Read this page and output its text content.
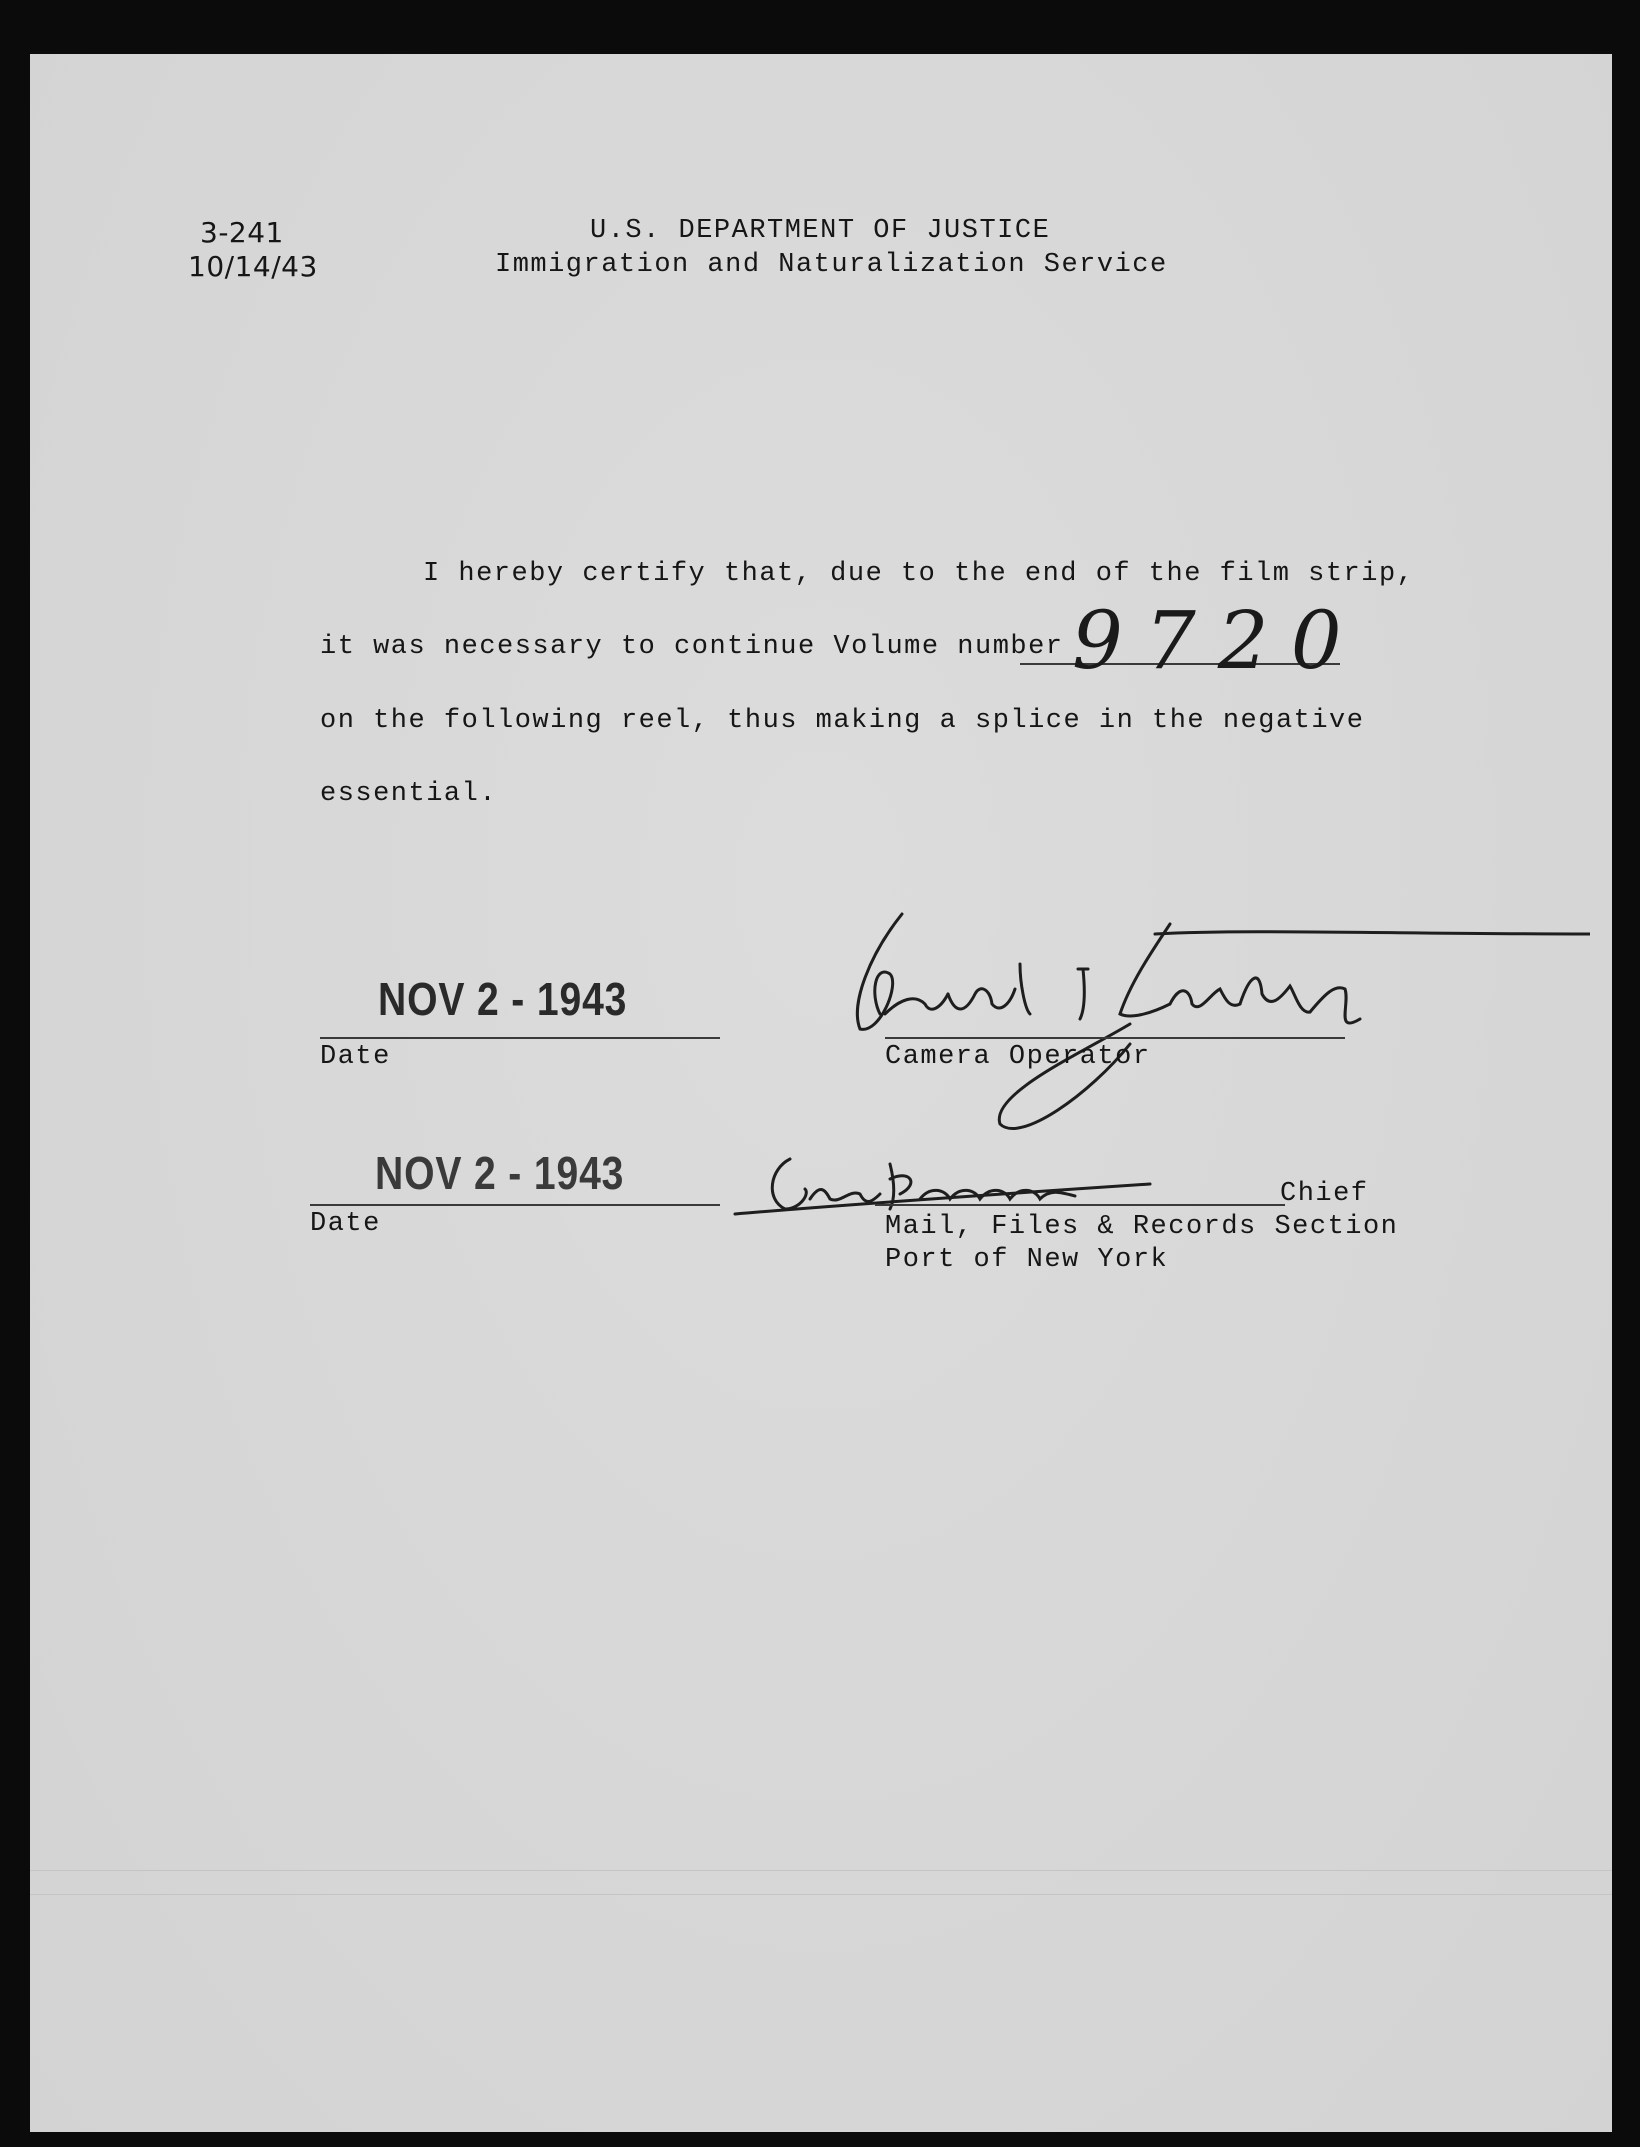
3-241
10/14/43
U.S. DEPARTMENT OF JUSTICE
Immigration and Naturalization Service
I hereby certify that, due to the end of the film strip,
it was necessary to continue Volume number 9720
on the following reel, thus making a splice in the negative
essential.
NOV 2 - 1943
Date	Camera Operator
NOV 2 - 1943
Date
Chief
Mail, Files & Records Section
Port of New York
